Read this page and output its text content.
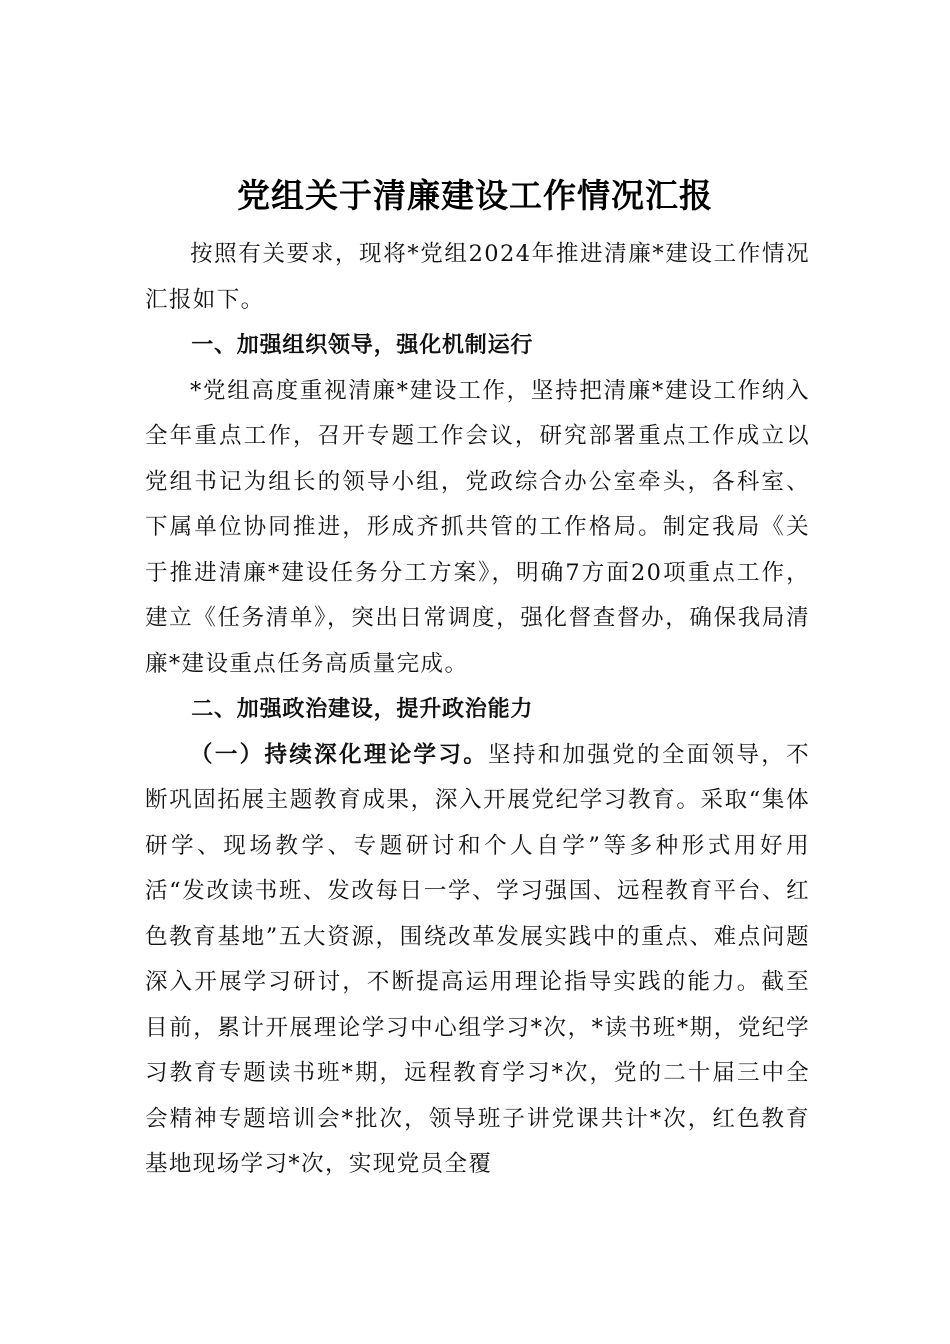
党组关于清廉建设工作情况汇报

按照有关要求，现将*党组2024年推进清廉*建设工作情况汇报如下。

一、加强组织领导，强化机制运行

*党组高度重视清廉*建设工作，坚持把清廉*建设工作纳入全年重点工作，召开专题工作会议，研究部署重点工作成立以党组书记为组长的领导小组，党政综合办公室牵头，各科室、下属单位协同推进，形成齐抓共管的工作格局。制定我局《关于推进清廉*建设任务分工方案》，明确7方面20项重点工作，建立《任务清单》，突出日常调度，强化督查督办，确保我局清廉*建设重点任务高质量完成。

二、加强政治建设，提升政治能力

（一）持续深化理论学习。坚持和加强党的全面领导，不断巩固拓展主题教育成果，深入开展党纪学习教育。采取“集体研学、现场教学、专题研讨和个人自学”等多种形式用好用活“发改读书班、发改每日一学、学习强国、远程教育平台、红色教育基地”五大资源，围绕改革发展实践中的重点、难点问题深入开展学习研讨，不断提高运用理论指导实践的能力。截至目前，累计开展理论学习中心组学习*次，*读书班*期，党纪学习教育专题读书班*期，远程教育学习*次，党的二十届三中全会精神专题培训会*批次，领导班子讲党课共计*次，红色教育基地现场学习*次，实现党员全覆
